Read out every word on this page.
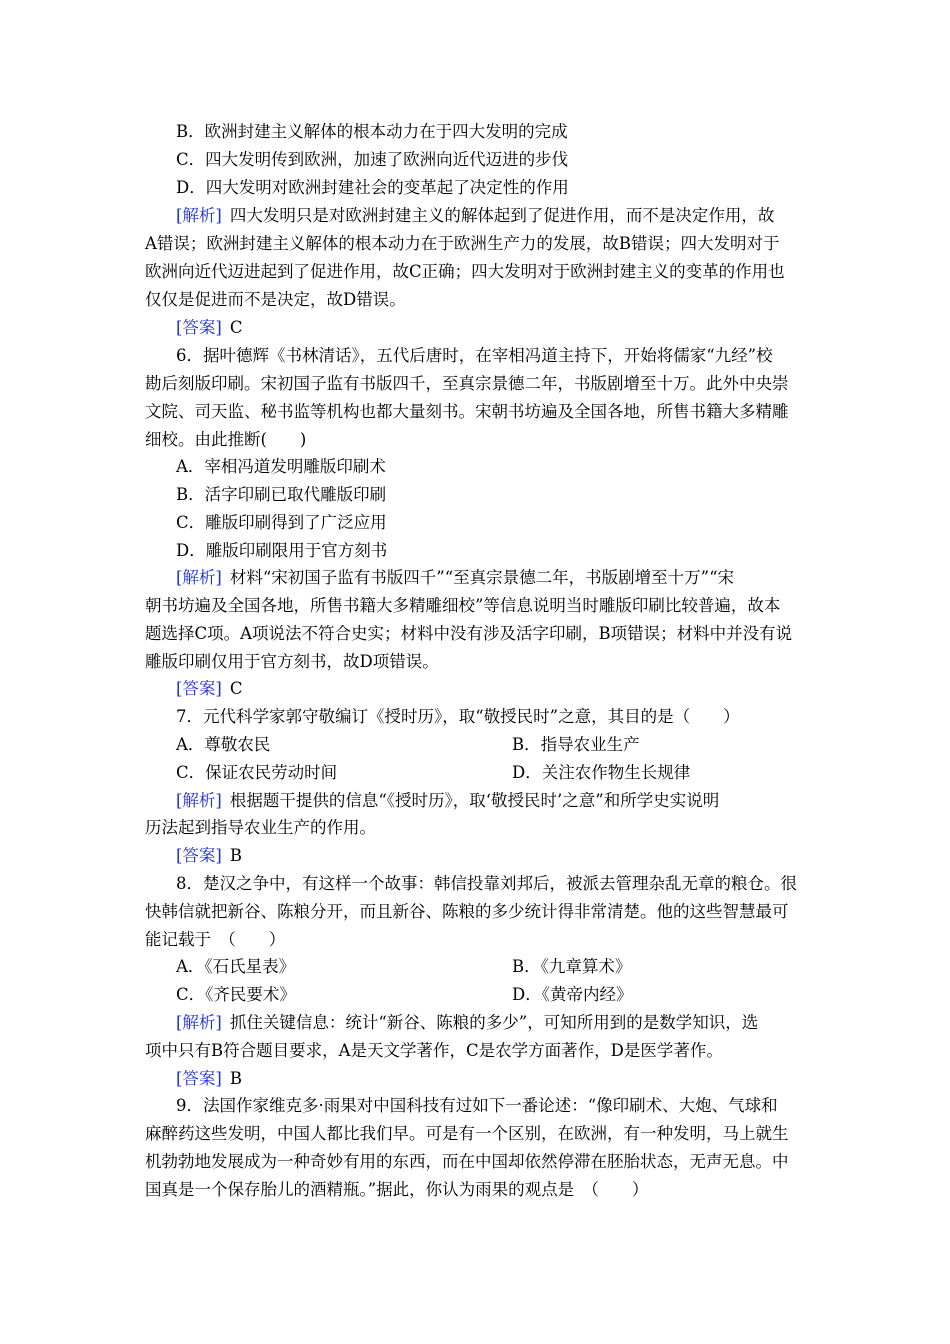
B．欧洲封建主义解体的根本动力在于四大发明的完成
C．四大发明传到欧洲，加速了欧洲向近代迈进的步伐
D．四大发明对欧洲封建社会的变革起了决定性的作用
[解析] 四大发明只是对欧洲封建主义的解体起到了促进作用，而不是决定作用，故
A错误；欧洲封建主义解体的根本动力在于欧洲生产力的发展，故B错误；四大发明对于
欧洲向近代迈进起到了促进作用，故C正确；四大发明对于欧洲封建主义的变革的作用也
仅仅是促进而不是决定，故D错误。
[答案] C
6．据叶德辉《书林清话》，五代后唐时，在宰相冯道主持下，开始将儒家“九经”校
勘后刻版印刷。宋初国子监有书版四千，至真宗景德二年，书版剧增至十万。此外中央崇
文院、司天监、秘书监等机构也都大量刻书。宋朝书坊遍及全国各地，所售书籍大多精雕
细校。由此推断(　　)
A．宰相冯道发明雕版印刷术
B．活字印刷已取代雕版印刷
C．雕版印刷得到了广泛应用
D．雕版印刷限用于官方刻书
[解析] 材料“宋初国子监有书版四千”“至真宗景德二年，书版剧增至十万”“宋
朝书坊遍及全国各地，所售书籍大多精雕细校”等信息说明当时雕版印刷比较普遍，故本
题选择C项。A项说法不符合史实；材料中没有涉及活字印刷，B项错误；材料中并没有说
雕版印刷仅用于官方刻书，故D项错误。
[答案] C
7．元代科学家郭守敬编订《授时历》，取“敬授民时”之意，其目的是（　　）
A．尊敬农民	B．指导农业生产
C．保证农民劳动时间	D．关注农作物生长规律
[解析] 根据题干提供的信息“《授时历》，取‘敬授民时’之意”和所学史实说明
历法起到指导农业生产的作用。
[答案] B
8．楚汉之争中，有这样一个故事：韩信投靠刘邦后，被派去管理杂乱无章的粮仓。很
快韩信就把新谷、陈粮分开，而且新谷、陈粮的多少统计得非常清楚。他的这些智慧最可
能记载于　（　　）
A．《石氏星表》	B．《九章算术》
C．《齐民要术》	D．《黄帝内经》
[解析] 抓住关键信息：统计“新谷、陈粮的多少”，可知所用到的是数学知识，选
项中只有B符合题目要求，A是天文学著作，C是农学方面著作，D是医学著作。
[答案] B
9．法国作家维克多·雨果对中国科技有过如下一番论述：“像印刷术、大炮、气球和
麻醉药这些发明，中国人都比我们早。可是有一个区别，在欧洲，有一种发明，马上就生
机勃勃地发展成为一种奇妙有用的东西，而在中国却依然停滞在胚胎状态，无声无息。中
国真是一个保存胎儿的酒精瓶。”据此，你认为雨果的观点是　（　　）
